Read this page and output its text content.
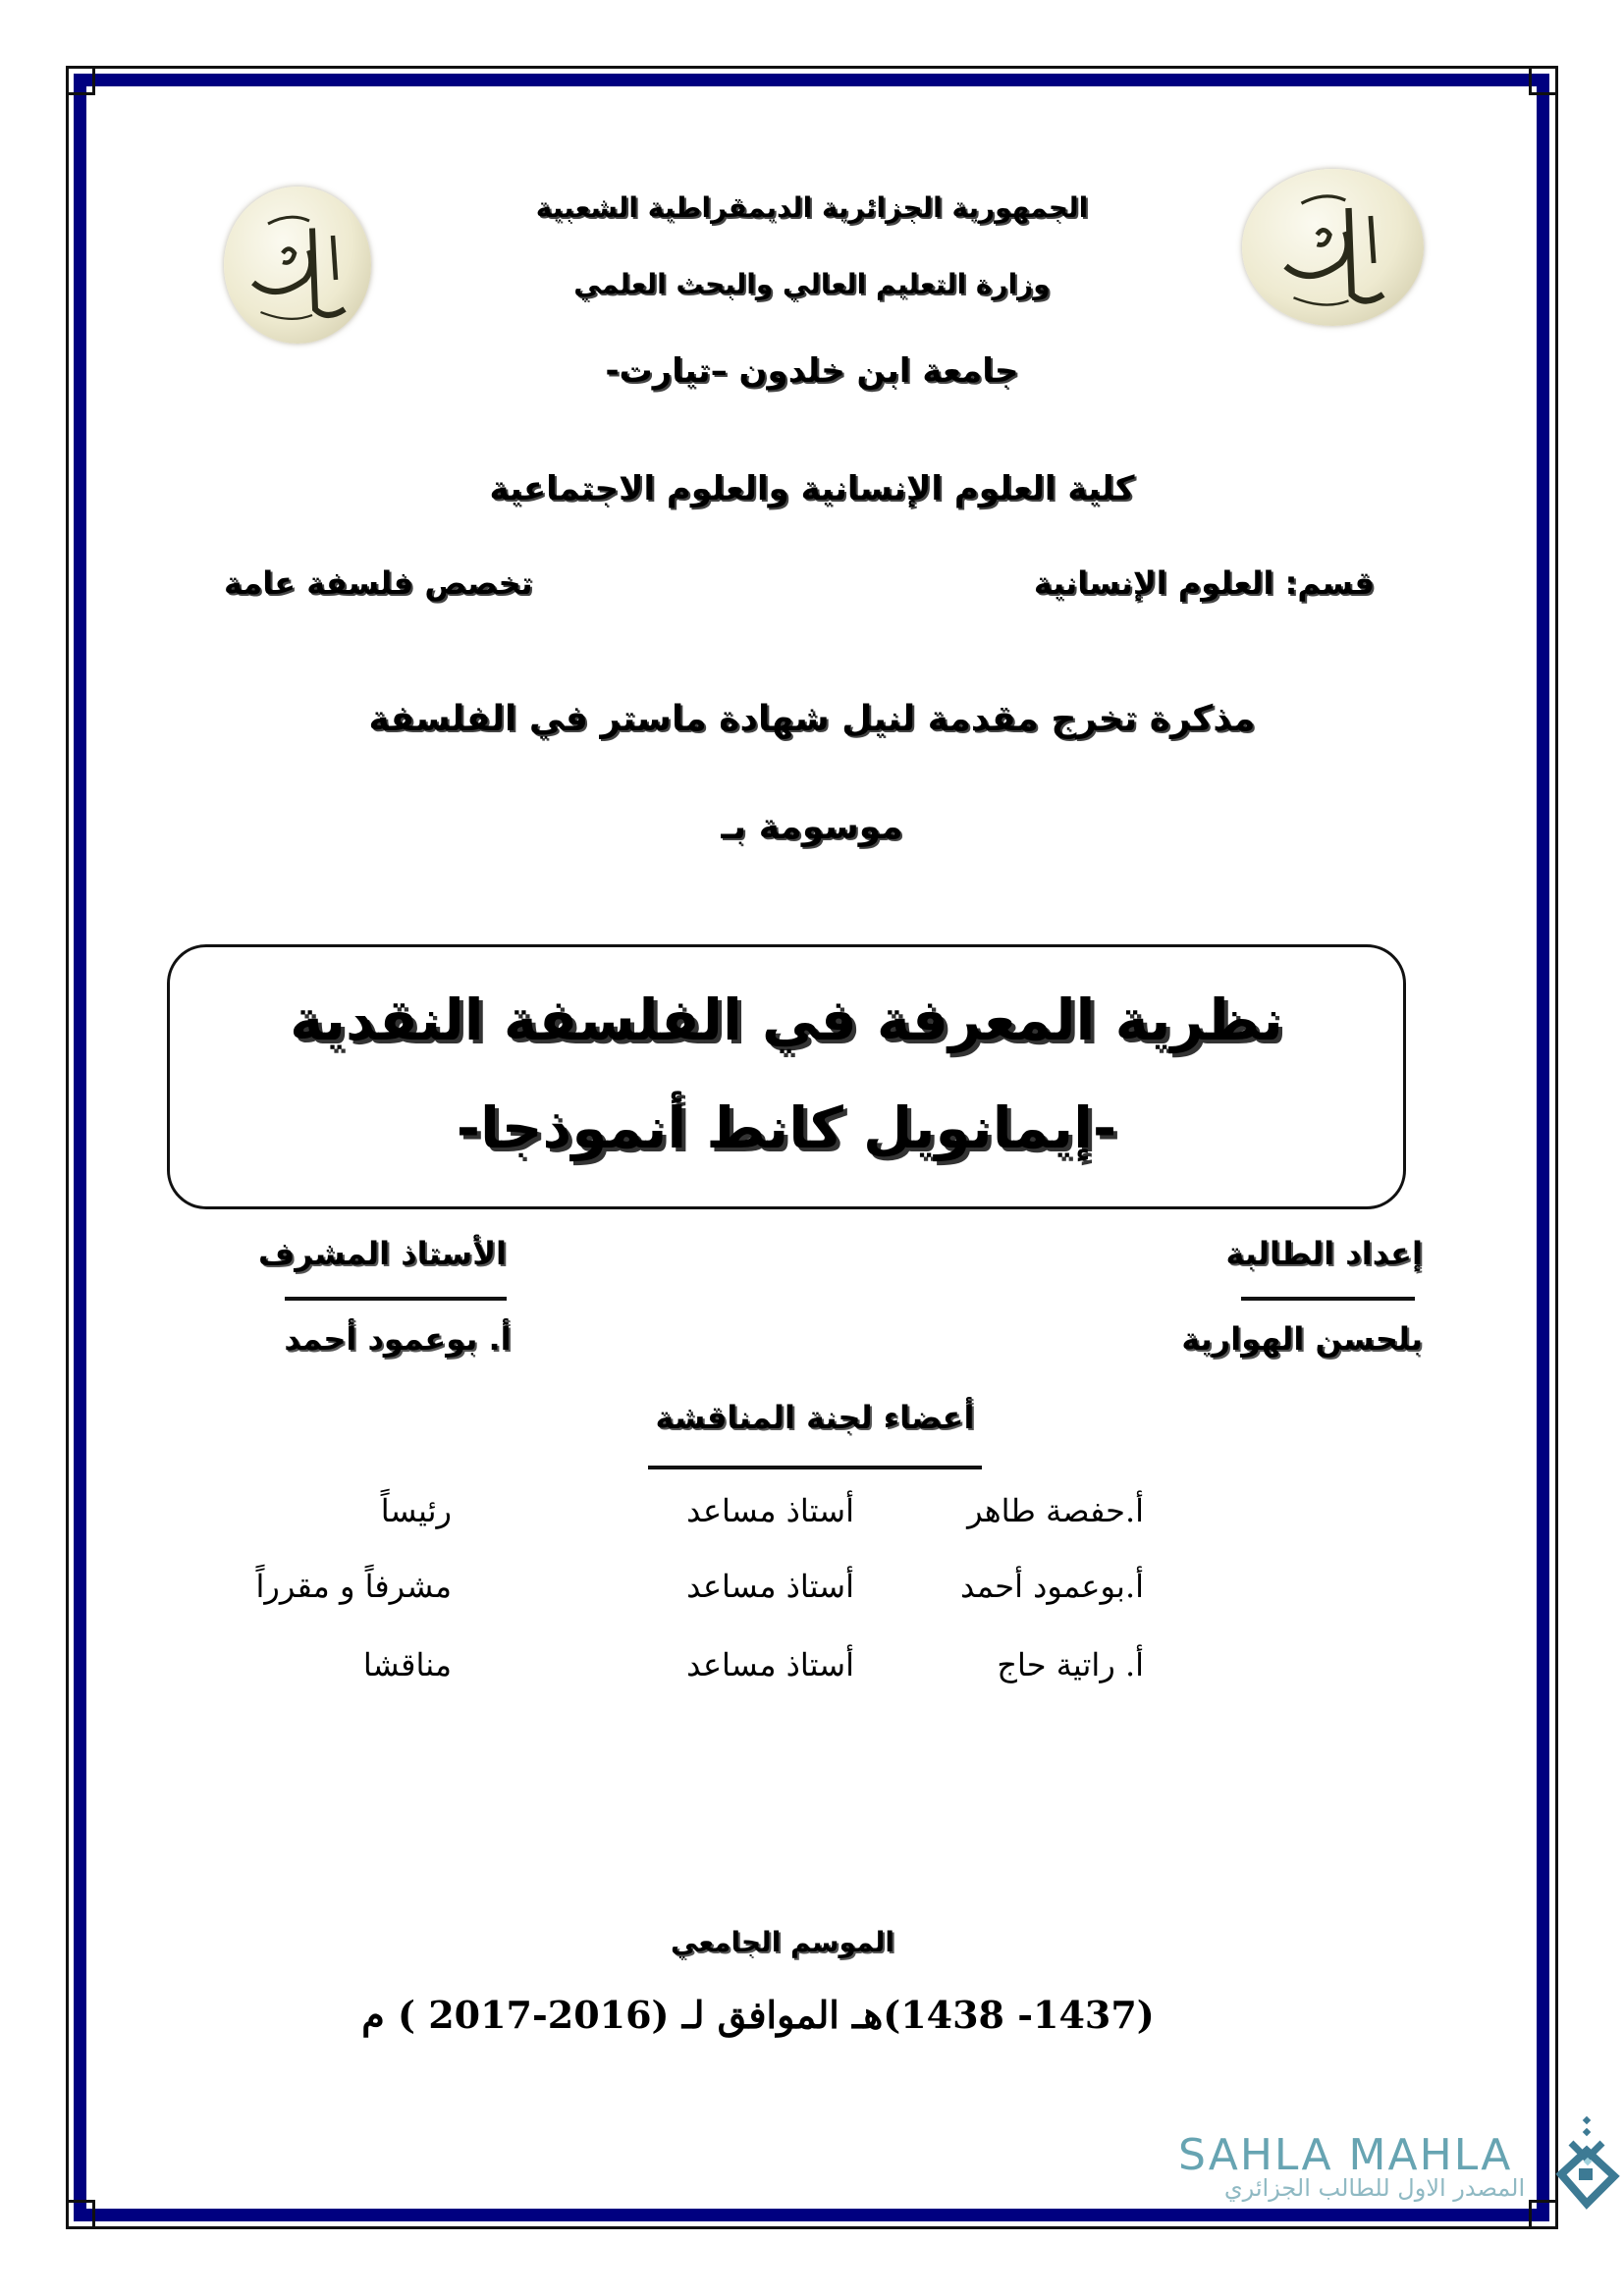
الجمهورية الجزائرية الديمقراطية الشعبية
وزارة التعليم العالي والبحث العلمي
جامعة ابن خلدون –تيارت-
كلية العلوم الإنسانية والعلوم الاجتماعية
قسم: العلوم الإنسانية
تخصص فلسفة عامة
مذكرة تخرج مقدمة لنيل شهادة ماستر في الفلسفة
موسومة بـ
نظرية المعرفة في الفلسفة النقدية
-إيمانويل كانط أنموذجا-
إعداد الطالبة
بلحسن الهوارية
الأستاذ المشرف
أ. بوعمود أحمد
أعضاء لجنة المناقشة
أ.حفصة طاهر
أستاذ مساعد
رئيساً
أ.بوعمود أحمد
أستاذ مساعد
مشرفاً و مقرراً
أ. راتية حاج
أستاذ مساعد
مناقشا
الموسم الجامعي
(1437- 1438)هـ الموافق لـ (2016-2017 ) م
SAHLA MAHLA
المصدر الاول للطالب الجزائري
